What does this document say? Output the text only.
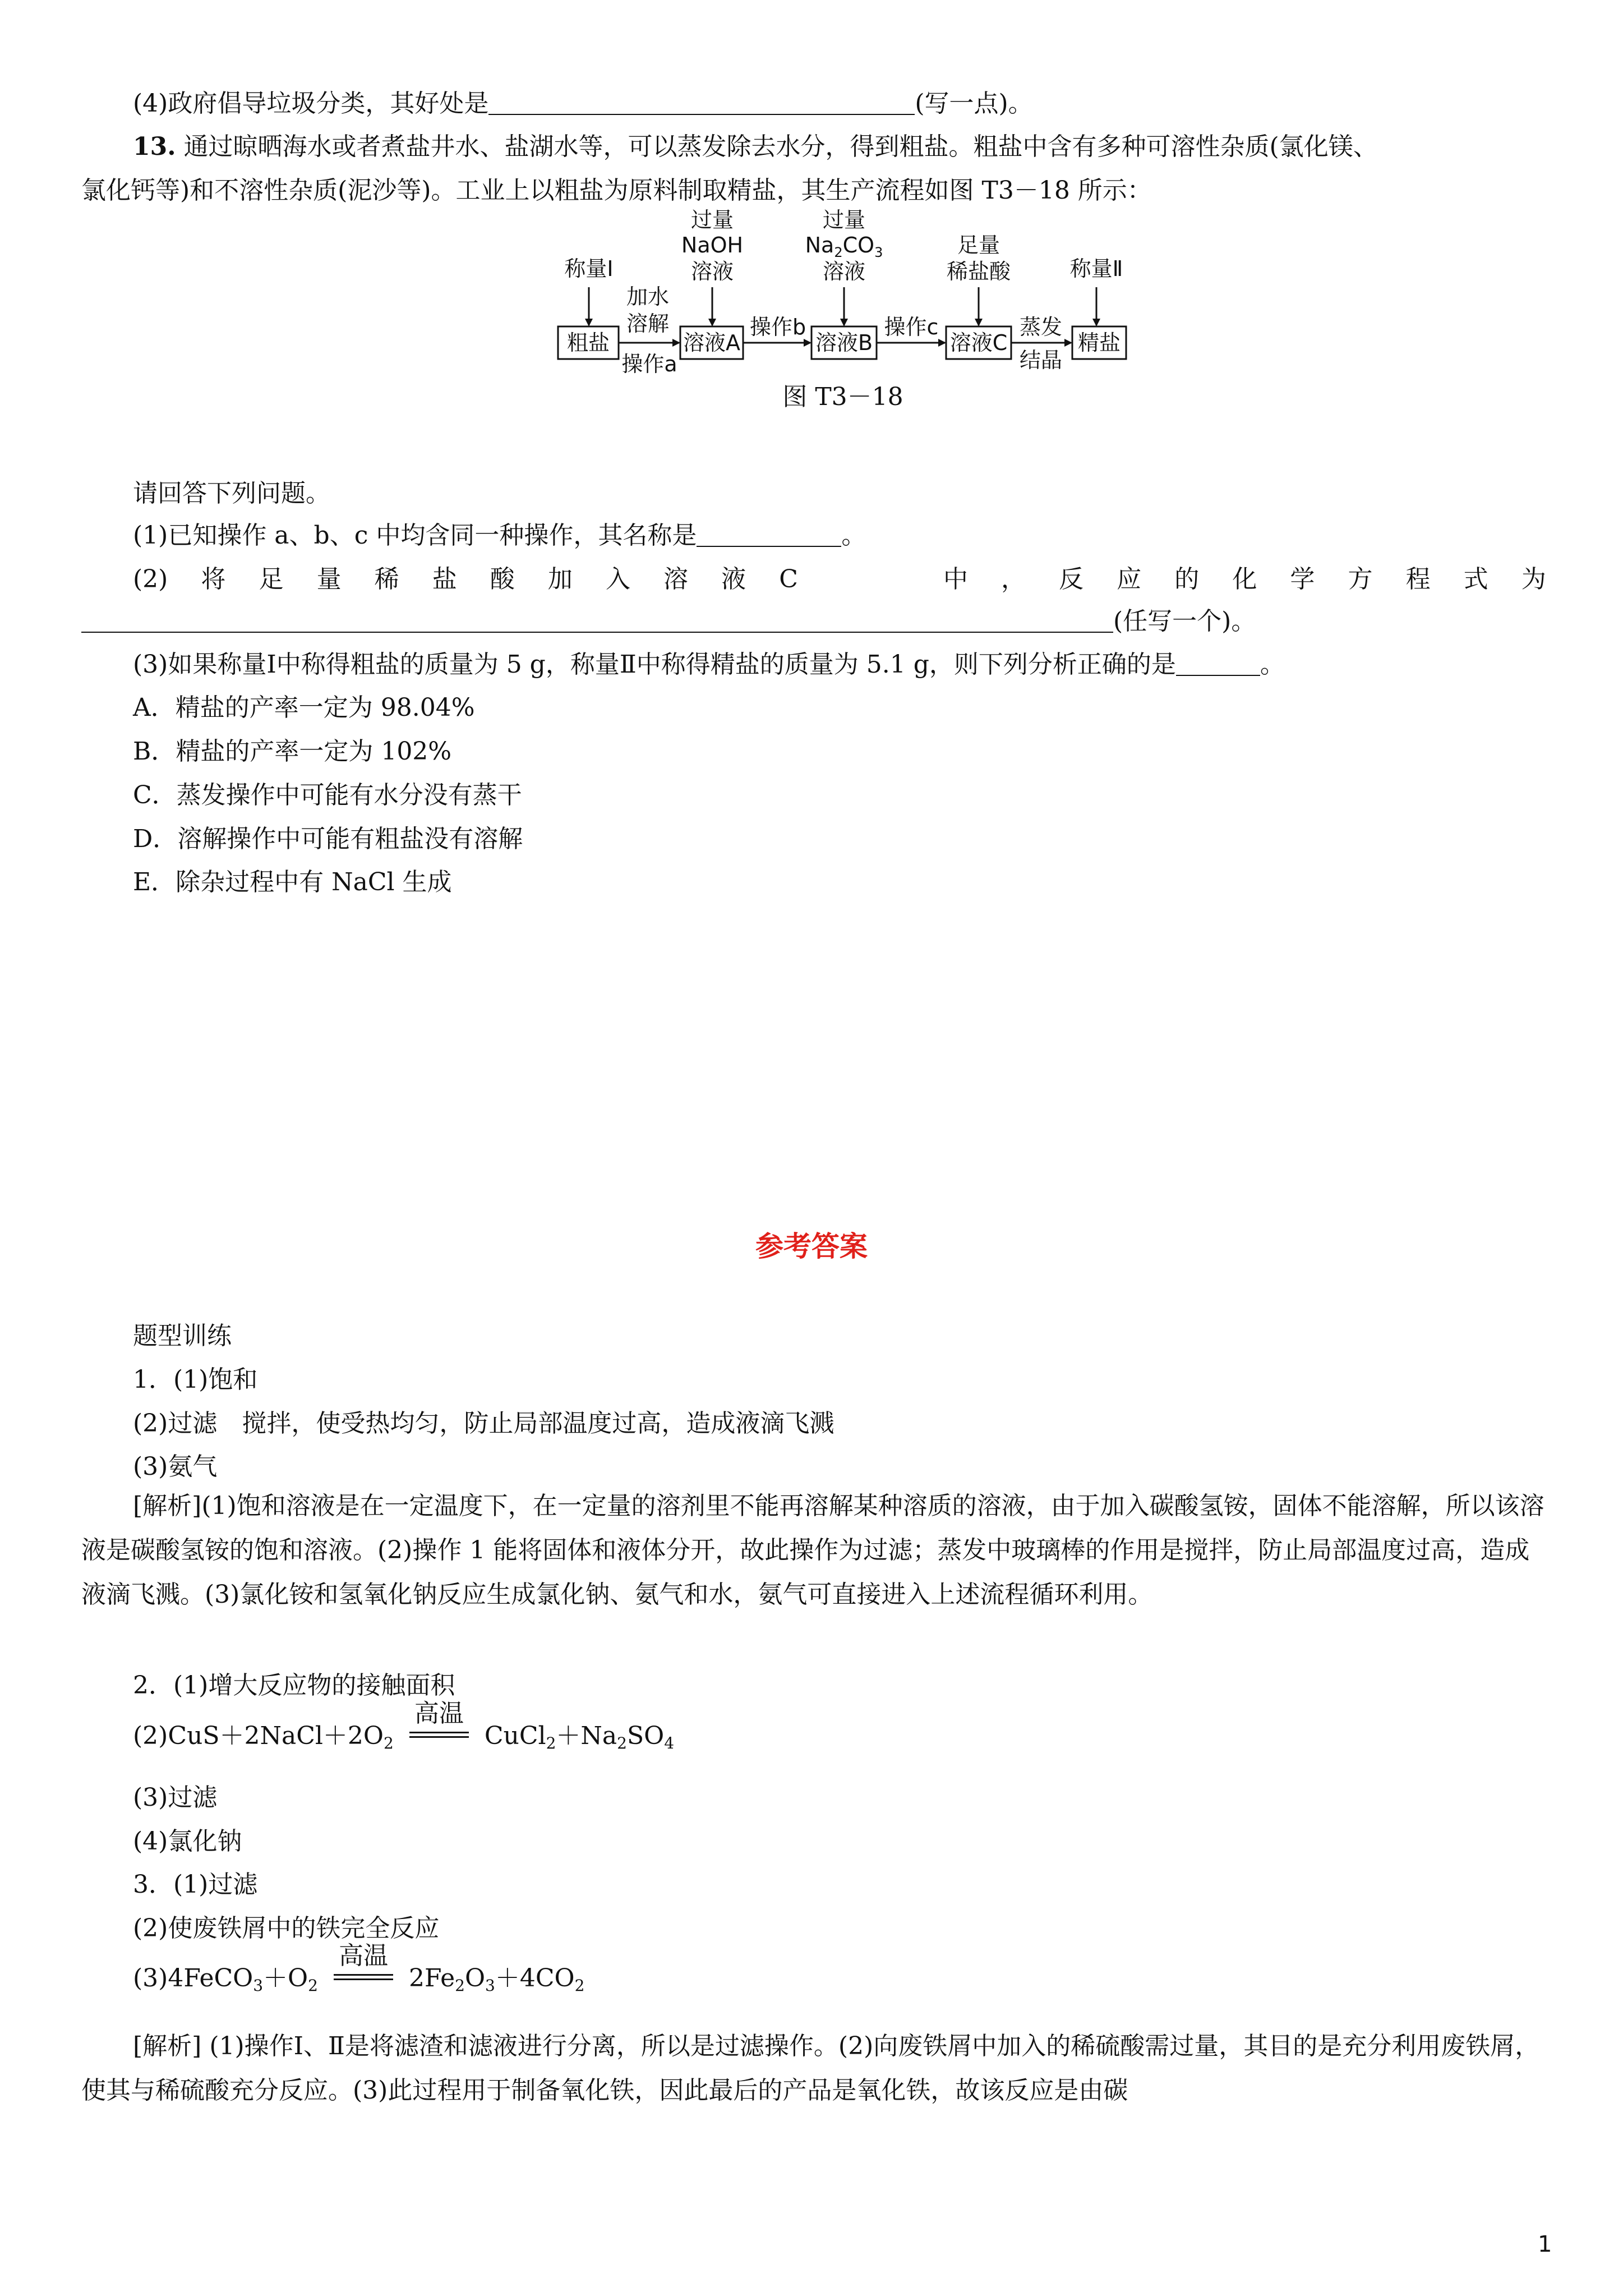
(4)政府倡导垃圾分类，其好处是	(写一点)。
13. 通过晾晒海水或者煮盐井水、盐湖水等，可以蒸发除去水分，得到粗盐。粗盐中含有多种可溶性杂质(氯化镁、
氯化钙等)和不溶性杂质(泥沙等)。工业上以粗盐为原料制取精盐，其生产流程如图 T3－18 所示：
称量Ⅰ
过量
NaOH
溶液
过量
$Na_2CO_3$
溶液
足量
稀盐酸	称量Ⅱ
粗盐	溶液A	溶液B	溶液C	精盐
加水
溶解
操作a
操作b	操作c	蒸发
结晶
图 T3－18
请回答下列问题。
(1)已知操作 a、b、c 中均含同一种操作，其名称是	。
(2) 将 足 量 稀 盐 酸 加 入 溶 液 C	中 ， 反 应 的 化 学 方 程 式 为
(任写一个)。
(3)如果称量Ⅰ中称得粗盐的质量为 5 g，称量Ⅱ中称得精盐的质量为 5.1 g，则下列分析正确的是	。
A．精盐的产率一定为 98.04%
B．精盐的产率一定为 102%
C．蒸发操作中可能有水分没有蒸干
D．溶解操作中可能有粗盐没有溶解
E．除杂过程中有 NaCl 生成
参考答案
题型训练
1．(1)饱和
(2)过滤　搅拌，使受热均匀，防止局部温度过高，造成液滴飞溅
(3)氨气
[解析](1)饱和溶液是在一定温度下，在一定量的溶剂里不能再溶解某种溶质的溶液，由于加入碳酸氢铵，固体不能溶解，所以该溶液是碳酸氢铵的饱和溶液。(2)操作 1 能将固体和液体分开，故此操作为过滤；蒸发中玻璃棒的作用是搅拌，防止局部温度过高，造成液滴飞溅。(3)氯化铵和氢氧化钠反应生成氯化钠、氨气和水，氨气可直接进入上述流程循环利用。
2．(1)增大反应物的接触面积
$(2)CuS+2NaCl+2O_2$
高温
$CuCl_2+Na_2SO_4$
(3)过滤
(4)氯化钠
3．(1)过滤
(2)使废铁屑中的铁完全反应
$(3)4FeCO_3+O_2$
高温
$2Fe_2O_3+4CO_2$
[解析] (1)操作Ⅰ、Ⅱ是将滤渣和滤液进行分离，所以是过滤操作。(2)向废铁屑中加入的稀硫酸需过量，其目的是充分利用废铁屑，使其与稀硫酸充分反应。(3)此过程用于制备氧化铁，因此最后的产品是氧化铁，故该反应是由碳
1
